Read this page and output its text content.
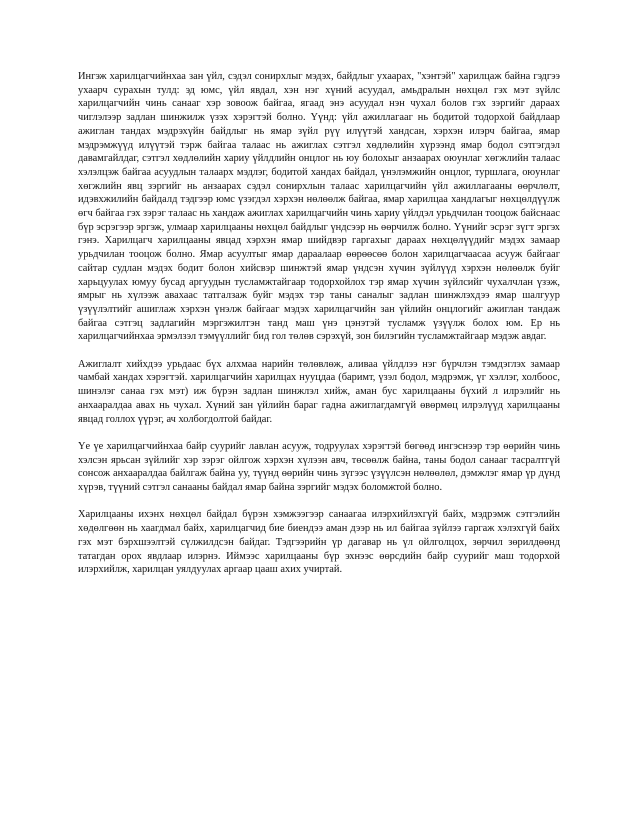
Ингэж харилцагчийнхаа зан үйл, сэдэл сонирхлыг мэдэх, байдлыг ухаарах, "хэнтэй" харилцаж байна гэдгээ ухаарч сурахын тулд: эд юмс, үйл явдал, хэн нэг хүний асуудал, амьдралын нөхцөл гэх мэт зүйлс харилцагчийн чинь санааг хэр зовоож байгаа, ягаад энэ асуудал нэн чухал болов гэх зэргийг дараах чиглэлээр задлан шинжилж үзэх хэрэгтэй болно. Үүнд: үйл ажиллагааг нь бодитой тодорхой байдлаар ажиглан тандах мэдрэхүйн байдлыг нь ямар зүйл рүү илүүтэй хандсан, хэрхэн илэрч байгаа, ямар мэдрэмжүүд илүүтэй тэрж байгаа талаас нь ажиглах сэтгэл хөдлөлийн хүрээнд ямар бодол сэтгэгдэл давамгайлдаг, сэтгэл хөдлөлийн хариу үйлдлийн онцлог нь юу болохыг анзаарах оюунлаг хөгжлийн талаас хэлэлцэж байгаа асуудлын талаарх мэдлэг, бодитой хандах байдал, үнэлэмжийн онцлог, туршлага, оюунлаг хөгжлийн явц зэргийг нь анзаарах сэдэл сонирхлын талаас харилцагчийн үйл ажиллагааны өөрчлөлт, идэвхжилийн байдалд тэдгээр юмс үзэгдэл хэрхэн нөлөөлж байгаа, ямар харилцаа хандлагыг нөхцөлдүүлж өгч байгаа гэх зэрэг талаас нь хандаж ажиглах харилцагчийн чинь хариу үйлдэл урьдчилан тооцож байснаас бүр эсрэгээр эргэж, улмаар харилцааны нөхцөл байдлыг үндсээр нь өөрчилж болно. Үүнийг эсрэг зүгт эргэх гэнэ. Харилцагч харилцааны явцад хэрхэн ямар шийдвэр гаргахыг дараах нөхцөлүүдийг мэдэх замаар урьдчилан тооцож болно. Ямар асуултыг ямар дараалаар өөрөөсөө болон харилцагчаасаа асууж байгааг сайтар судлан мэдэх бодит болон хийсвэр шинжтэй ямар үндсэн хүчин зүйлүүд хэрхэн нөлөөлж буйг харьцуулах юмуу бусад аргуудын тусламжтайгаар тодорхойлох тэр ямар хүчин зүйлсийг чухалчлан үзэж, ямрыг нь хүлээж авахаас татгалзаж буйг мэдэх тэр таны саналыг задлан шинжлэхдээ ямар шалгуур үзүүлэлтийг ашиглаж хэрхэн үнэлж байгааг мэдэх харилцагчийн зан үйлийн онцлогийг ажиглан тандаж байгаа сэтгэц задлагийн мэргэжилтэн танд маш үнэ цэнэтэй тусламж үзүүлж болох юм. Ер нь харилцагчийнхаа эрмэлзэл тэмүүллийг бид гол төлөв сэрэхүй, зон билэгийн тусламжтайгаар мэдэж авдаг.

Ажиглалт хийхдээ урьдаас бүх алхмаа нарийн төлөвлөж, аливаа үйлдлээ нэг бүрчлэн тэмдэглэх замаар чамбай хандах хэрэгтэй. харилцагчийн харилцах нууцдаа (баримт, үзэл бодол, мэдрэмж, үг хэллэг, холбоос, шинэлэг санаа гэх мэт) иж бүрэн задлан шинжлэл хийж, аман бус харилцааны бүхий л илрэлийг нь анхааралдаа авах нь чухал. Хүний зан үйлийн бараг гадна ажиглагдамгүй өвөрмөц илрэлүүд харилцааны явцад голлох үүрэг, ач холбогдолтой байдаг.

Үе үе харилцагчийнхаа байр суурийг лавлан асууж, тодруулах хэрэгтэй бөгөөд ингэснээр тэр өөрийн чинь хэлсэн ярьсан зүйлийг хэр зэрэг ойлгож хэрхэн хүлээн авч, төсөөлж байна, таны бодол санааг тасралтгүй сонсож анхааралдаа байлгаж байна уу, түүнд өөрийн чинь зүгээс үзүүлсэн нөлөөлөл, дэмжлэг ямар үр дүнд хүрэв, түүний сэтгэл санааны байдал ямар байна зэргийг мэдэх боломжтой болно.

Харилцааны ихэнх нөхцөл байдал бүрэн хэмжээгээр санаагаа илэрхийлэхгүй байх, мэдрэмж сэтгэлийн хөдөлгөөн нь хаагдмал байх, харилцагчид бие биендээ аман дээр нь ил байгаа зүйлээ гаргаж хэлэхгүй байх гэх мэт бэрхшээлтэй сүлжилдсэн байдаг. Тэдгээрийн үр дагавар нь үл ойлголцох, зөрчил зөрилдөөнд татагдан орох явдлаар илэрнэ. Иймээс харилцааны бүр эхнээс өөрсдийн байр суурийг маш тодорхой илэрхийлж, харилцан уялдуулах аргаар цааш ахих учиртай.
